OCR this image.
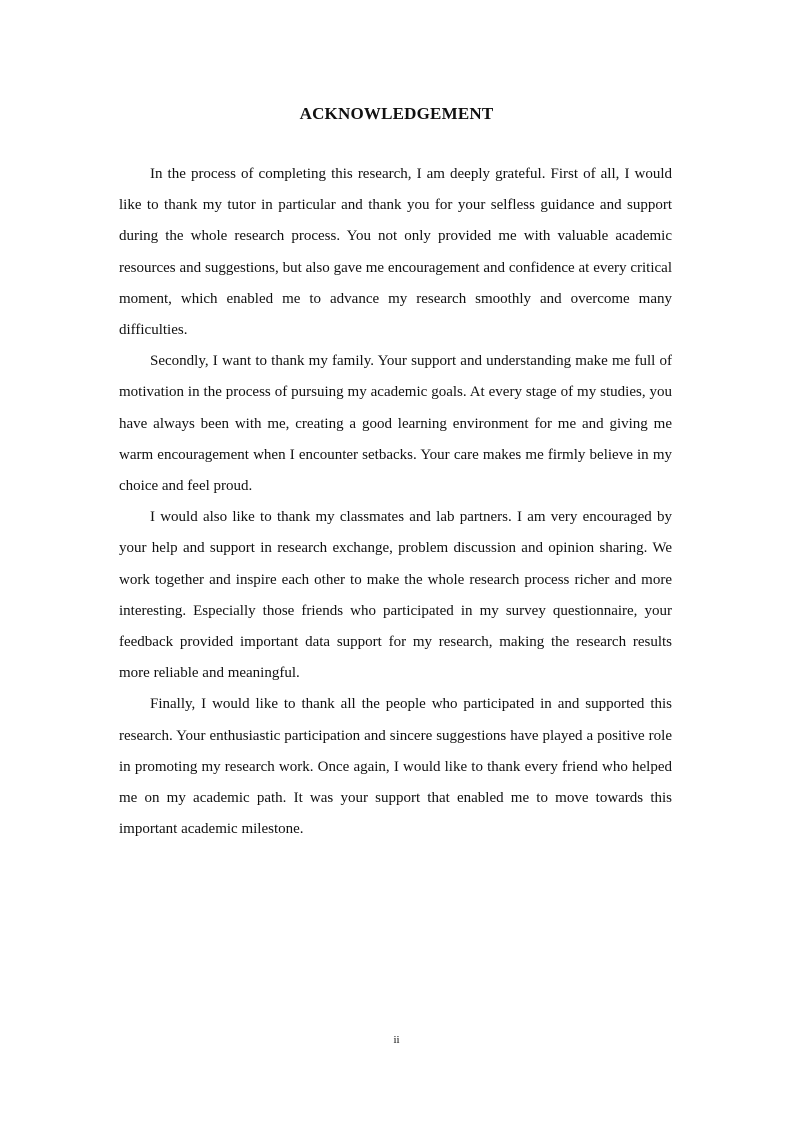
ACKNOWLEDGEMENT

In the process of completing this research, I am deeply grateful. First of all, I would like to thank my tutor in particular and thank you for your selfless guidance and support during the whole research process. You not only provided me with valuable academic resources and suggestions, but also gave me encouragement and confidence at every critical moment, which enabled me to advance my research smoothly and overcome many difficulties.

Secondly, I want to thank my family. Your support and understanding make me full of motivation in the process of pursuing my academic goals. At every stage of my studies, you have always been with me, creating a good learning environment for me and giving me warm encouragement when I encounter setbacks. Your care makes me firmly believe in my choice and feel proud.

I would also like to thank my classmates and lab partners. I am very encouraged by your help and support in research exchange, problem discussion and opinion sharing. We work together and inspire each other to make the whole research process richer and more interesting. Especially those friends who participated in my survey questionnaire, your feedback provided important data support for my research, making the research results more reliable and meaningful.

Finally, I would like to thank all the people who participated in and supported this research. Your enthusiastic participation and sincere suggestions have played a positive role in promoting my research work. Once again, I would like to thank every friend who helped me on my academic path. It was your support that enabled me to move towards this important academic milestone.

ii
